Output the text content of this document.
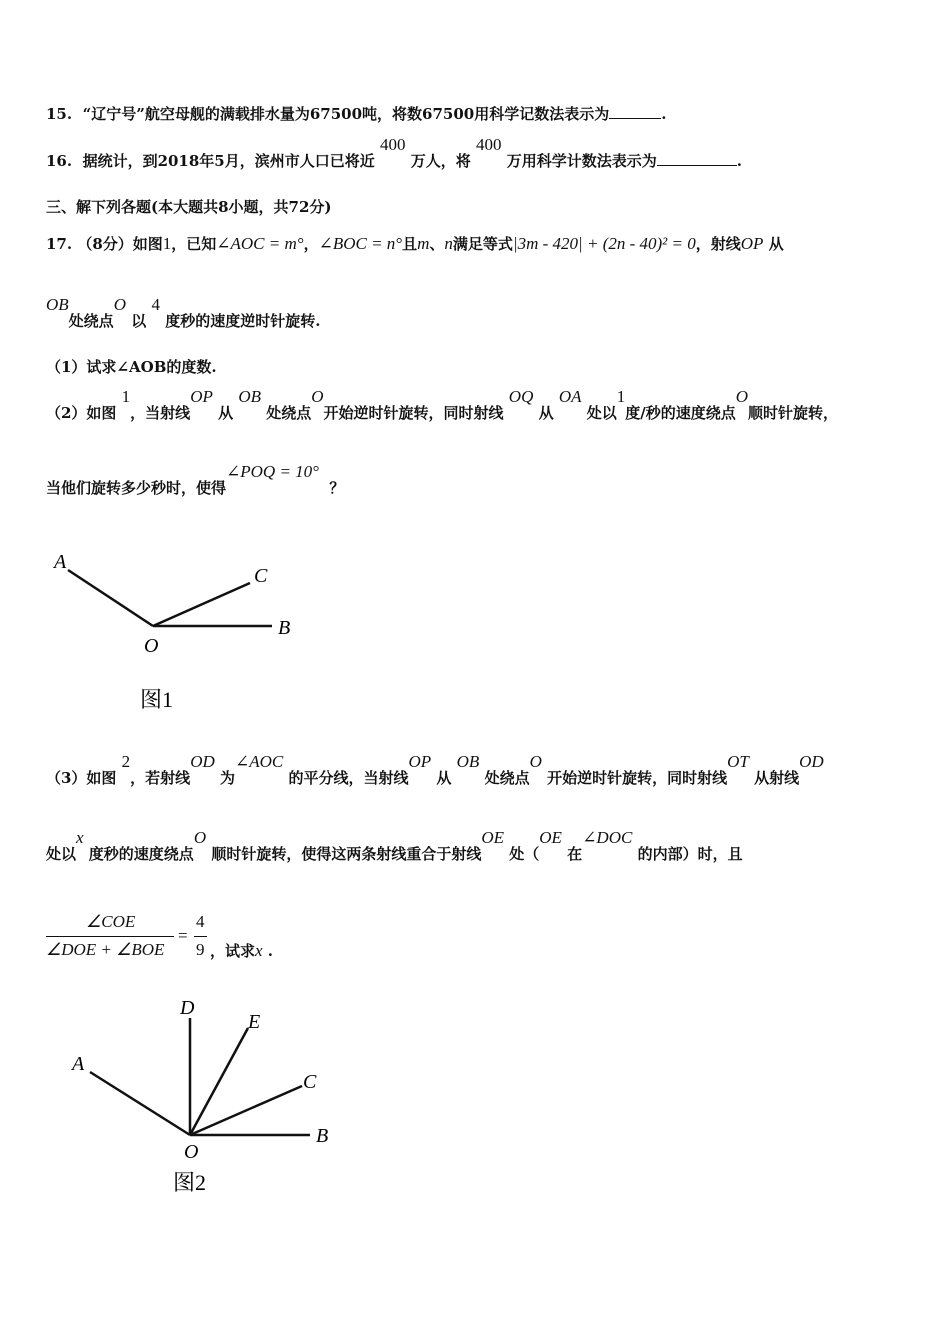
15. “辽宁号”航空母舰的满载排水量为67500吨，将数67500用科学记数法表示为	.
16. 据统计，到2018年5月，滨州市人口已将近 400 万人，将 400 万用科学计数法表示为	.
三、解下列各题(本大题共8小题，共72分)
17. （8分）如图1，已知∠AOC = m°，∠BOC = n°且m、n满足等式|3m - 420| + (2n - 40)² = 0，射线OP 从
OB处绕点O 以 4 度秒的速度逆时针旋转.
（1）试求∠AOB的度数.
（2）如图 1，当射线OP 从 OB 处绕点O开始逆时针旋转，同时射线 OQ 从 OA 处以1度/秒的速度绕点O顺时针旋转，
当他们旋转多少秒时，使得∠POQ = 10°  ？
A
C
B
O
图1
（3）如图 2，若射线OD 为∠AOC 的平分线，当射线OP 从 OB 处绕点O 开始逆时针旋转，同时射线OT 从射线OD
处以x 度秒的速度绕点O 顺时针旋转，使得这两条射线重合于射线OE 处（OE 在∠DOC 的内部）时，且
∠COE
∠DOE + ∠BOE
=
4
9 ，试求x .
D
E
A
C
O
B
图2
